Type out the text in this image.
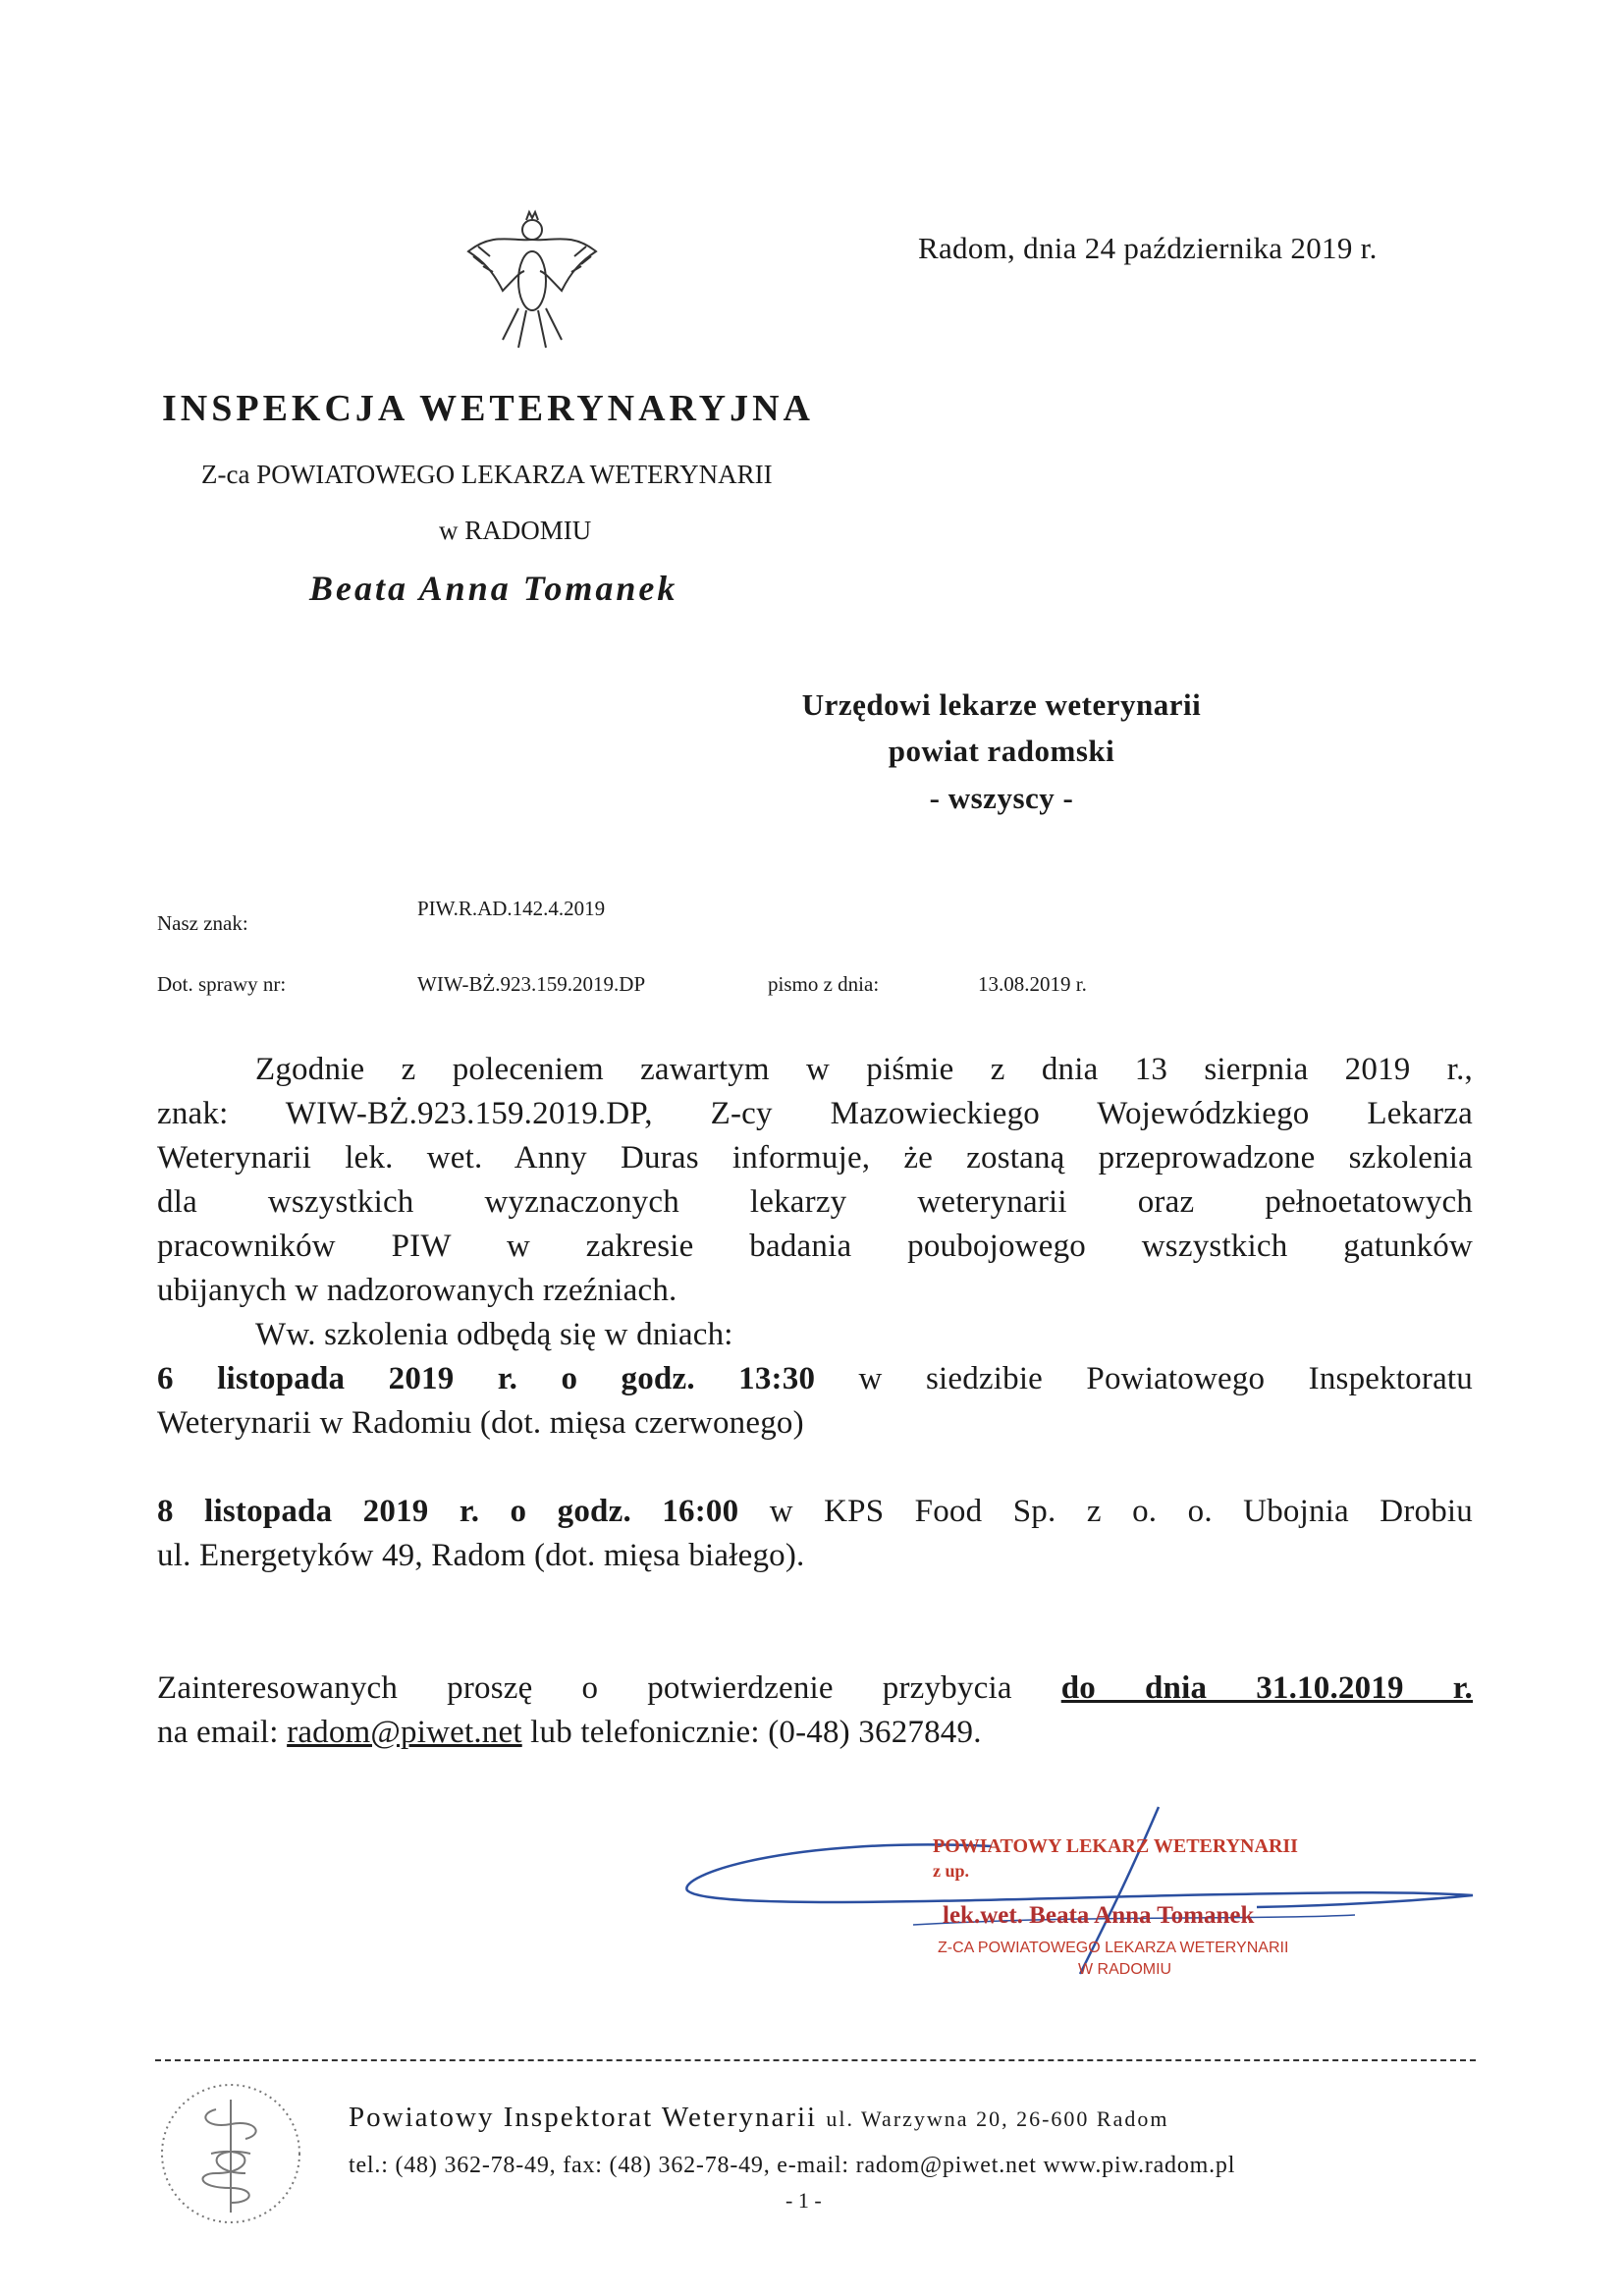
Radom, dnia 24 października 2019 r.
INSPEKCJA WETERYNARYJNA
Z-ca POWIATOWEGO LEKARZA WETERYNARII
w RADOMIU
Beata Anna Tomanek
Urzędowi lekarze weterynarii
powiat radomski
- wszyscy -
Nasz znak:
PIW.R.AD.142.4.2019
Dot. sprawy nr:	WIW-BŻ.923.159.2019.DP	pismo z dnia:	13.08.2019 r.

Zgodnie z poleceniem zawartym w piśmie z dnia 13 sierpnia 2019 r.,

znak: WIW-BŻ.923.159.2019.DP, Z-cy Mazowieckiego Wojewódzkiego Lekarza

Weterynarii lek. wet. Anny Duras informuje, że zostaną przeprowadzone szkolenia

dla wszystkich wyznaczonych lekarzy weterynarii oraz pełnoetatowych

pracowników PIW w zakresie badania poubojowego wszystkich gatunków

ubijanych w nadzorowanych rzeźniach.

Ww. szkolenia odbędą się w dniach:

6 listopada 2019 r. o godz. 13:30 w siedzibie Powiatowego Inspektoratu

Weterynarii w Radomiu (dot. mięsa czerwonego)

8 listopada 2019 r. o godz. 16:00 w KPS Food Sp. z o. o. Ubojnia Drobiu

ul. Energetyków 49, Radom (dot. mięsa białego).

Zainteresowanych proszę o potwierdzenie przybycia do dnia 31.10.2019 r.

na email: radom@piwet.net lub telefonicznie: (0-48) 3627849.

POWIATOWY LEKARZ WETERYNARII
z up.
lek.wet. Beata Anna Tomanek
Z-CA POWIATOWEGO LEKARZA WETERYNARII
W RADOMIU
Powiatowy Inspektorat Weterynarii ul. Warzywna 20, 26-600 Radom
tel.: (48) 362-78-49, fax: (48) 362-78-49, e-mail: radom@piwet.net www.piw.radom.pl
- 1 -
